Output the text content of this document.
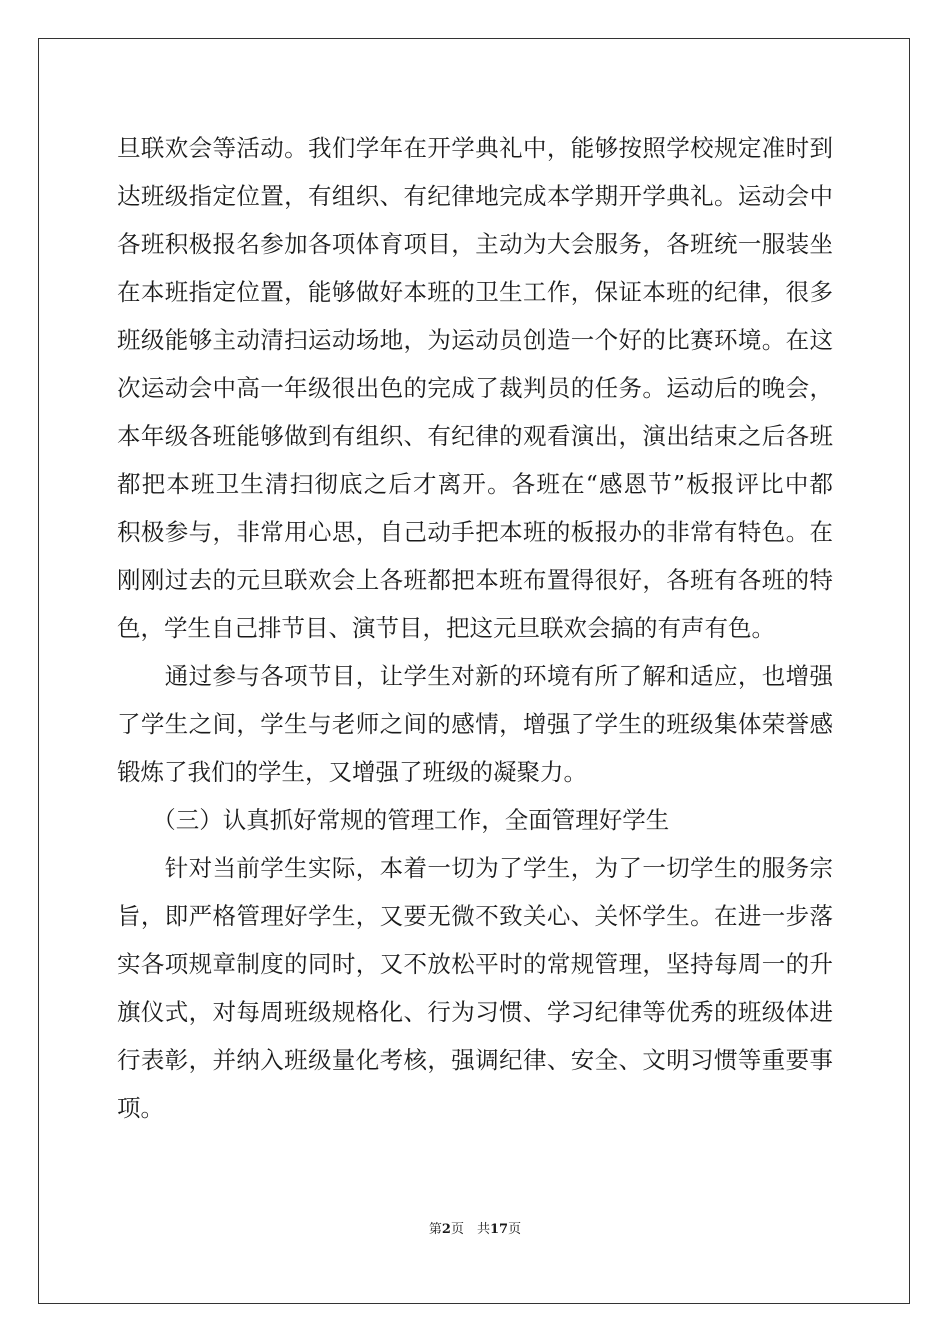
旦联欢会等活动。我们学年在开学典礼中，能够按照学校规定准时到
达班级指定位置，有组织、有纪律地完成本学期开学典礼。运动会中
各班积极报名参加各项体育项目，主动为大会服务，各班统一服装坐
在本班指定位置，能够做好本班的卫生工作，保证本班的纪律，很多
班级能够主动清扫运动场地，为运动员创造一个好的比赛环境。在这
次运动会中高一年级很出色的完成了裁判员的任务。运动后的晚会，
本年级各班能够做到有组织、有纪律的观看演出，演出结束之后各班
都把本班卫生清扫彻底之后才离开。各班在“感恩节”板报评比中都
积极参与，非常用心思，自己动手把本班的板报办的非常有特色。在
刚刚过去的元旦联欢会上各班都把本班布置得很好，各班有各班的特
色，学生自己排节目、演节目，把这元旦联欢会搞的有声有色。
　　通过参与各项节目，让学生对新的环境有所了解和适应，也增强
了学生之间，学生与老师之间的感情，增强了学生的班级集体荣誉感
锻炼了我们的学生，又增强了班级的凝聚力。
　　（三）认真抓好常规的管理工作，全面管理好学生
　　针对当前学生实际，本着一切为了学生，为了一切学生的服务宗
旨，即严格管理好学生，又要无微不致关心、关怀学生。在进一步落
实各项规章制度的同时，又不放松平时的常规管理，坚持每周一的升
旗仪式，对每周班级规格化、行为习惯、学习纪律等优秀的班级体进
行表彰，并纳入班级量化考核，强调纪律、安全、文明习惯等重要事
项。
第2页　共17页
